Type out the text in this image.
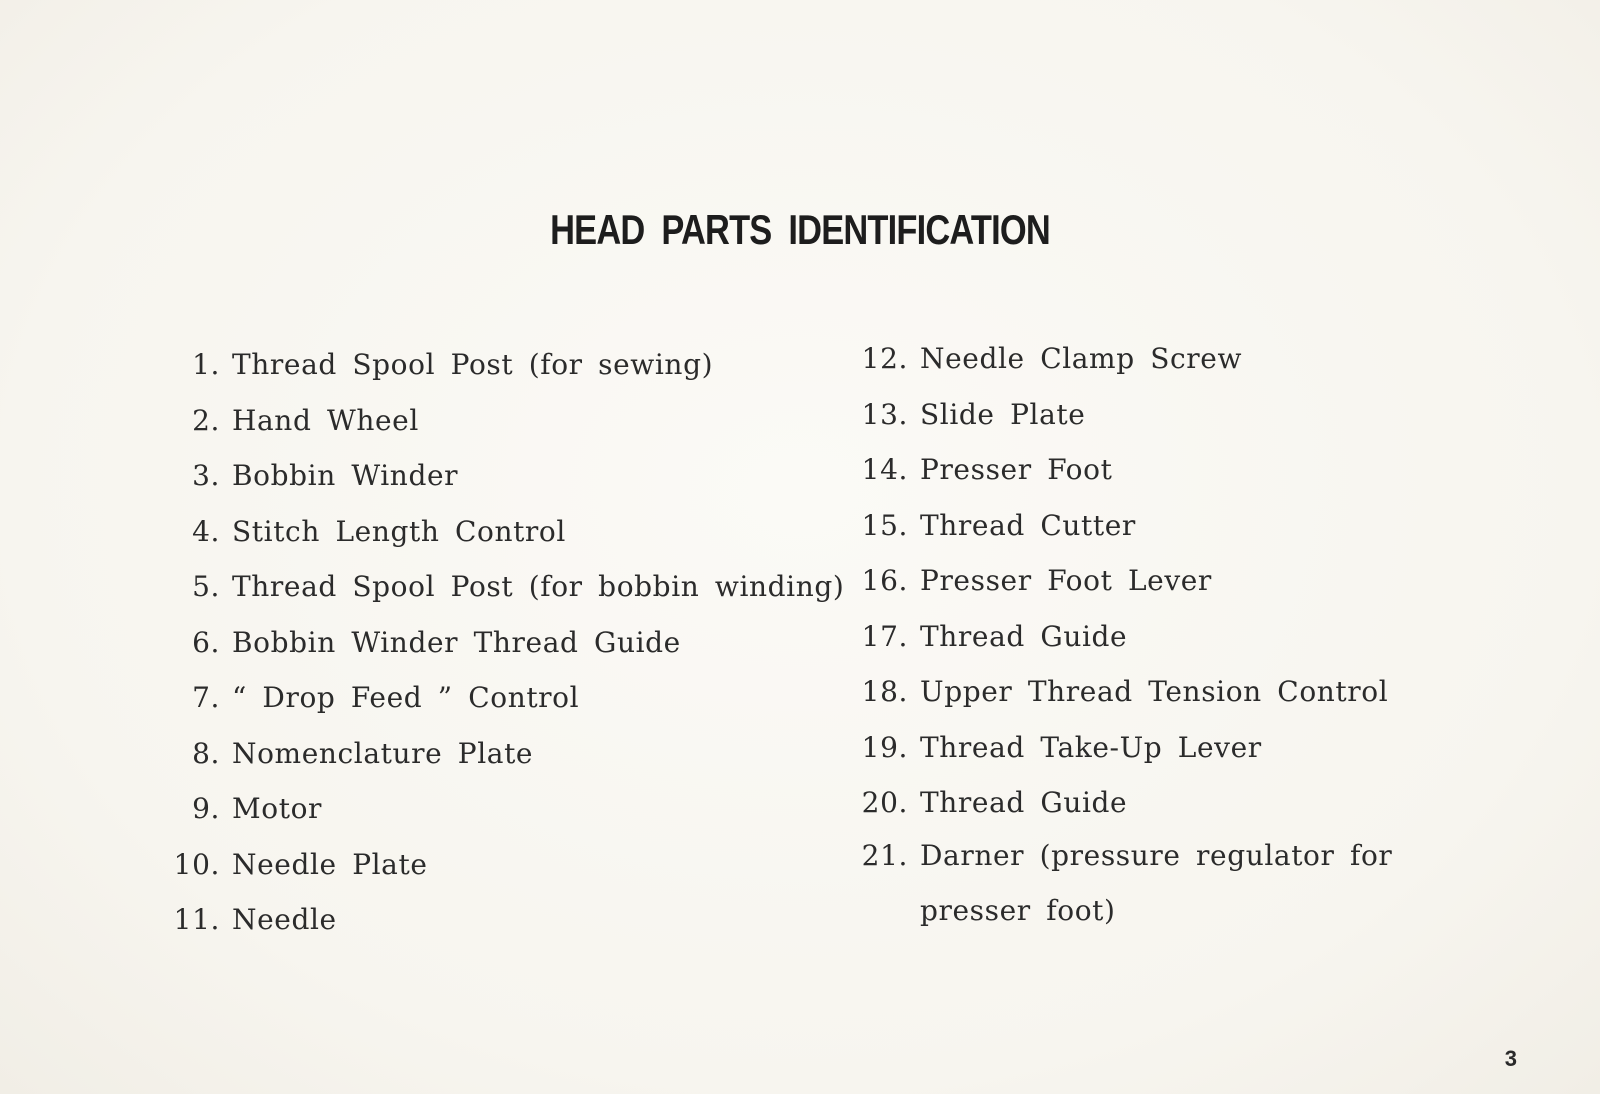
HEAD PARTS IDENTIFICATION
1. Thread Spool Post (for sewing)
2. Hand Wheel
3. Bobbin Winder
4. Stitch Length Control
5. Thread Spool Post (for bobbin winding)
6. Bobbin Winder Thread Guide
7. “ Drop Feed ” Control
8. Nomenclature Plate
9. Motor
10. Needle Plate
11. Needle
12. Needle Clamp Screw
13. Slide Plate
14. Presser Foot
15. Thread Cutter
16. Presser Foot Lever
17. Thread Guide
18. Upper Thread Tension Control
19. Thread Take-Up Lever
20. Thread Guide
21. Darner (pressure regulator for presser foot)
3
